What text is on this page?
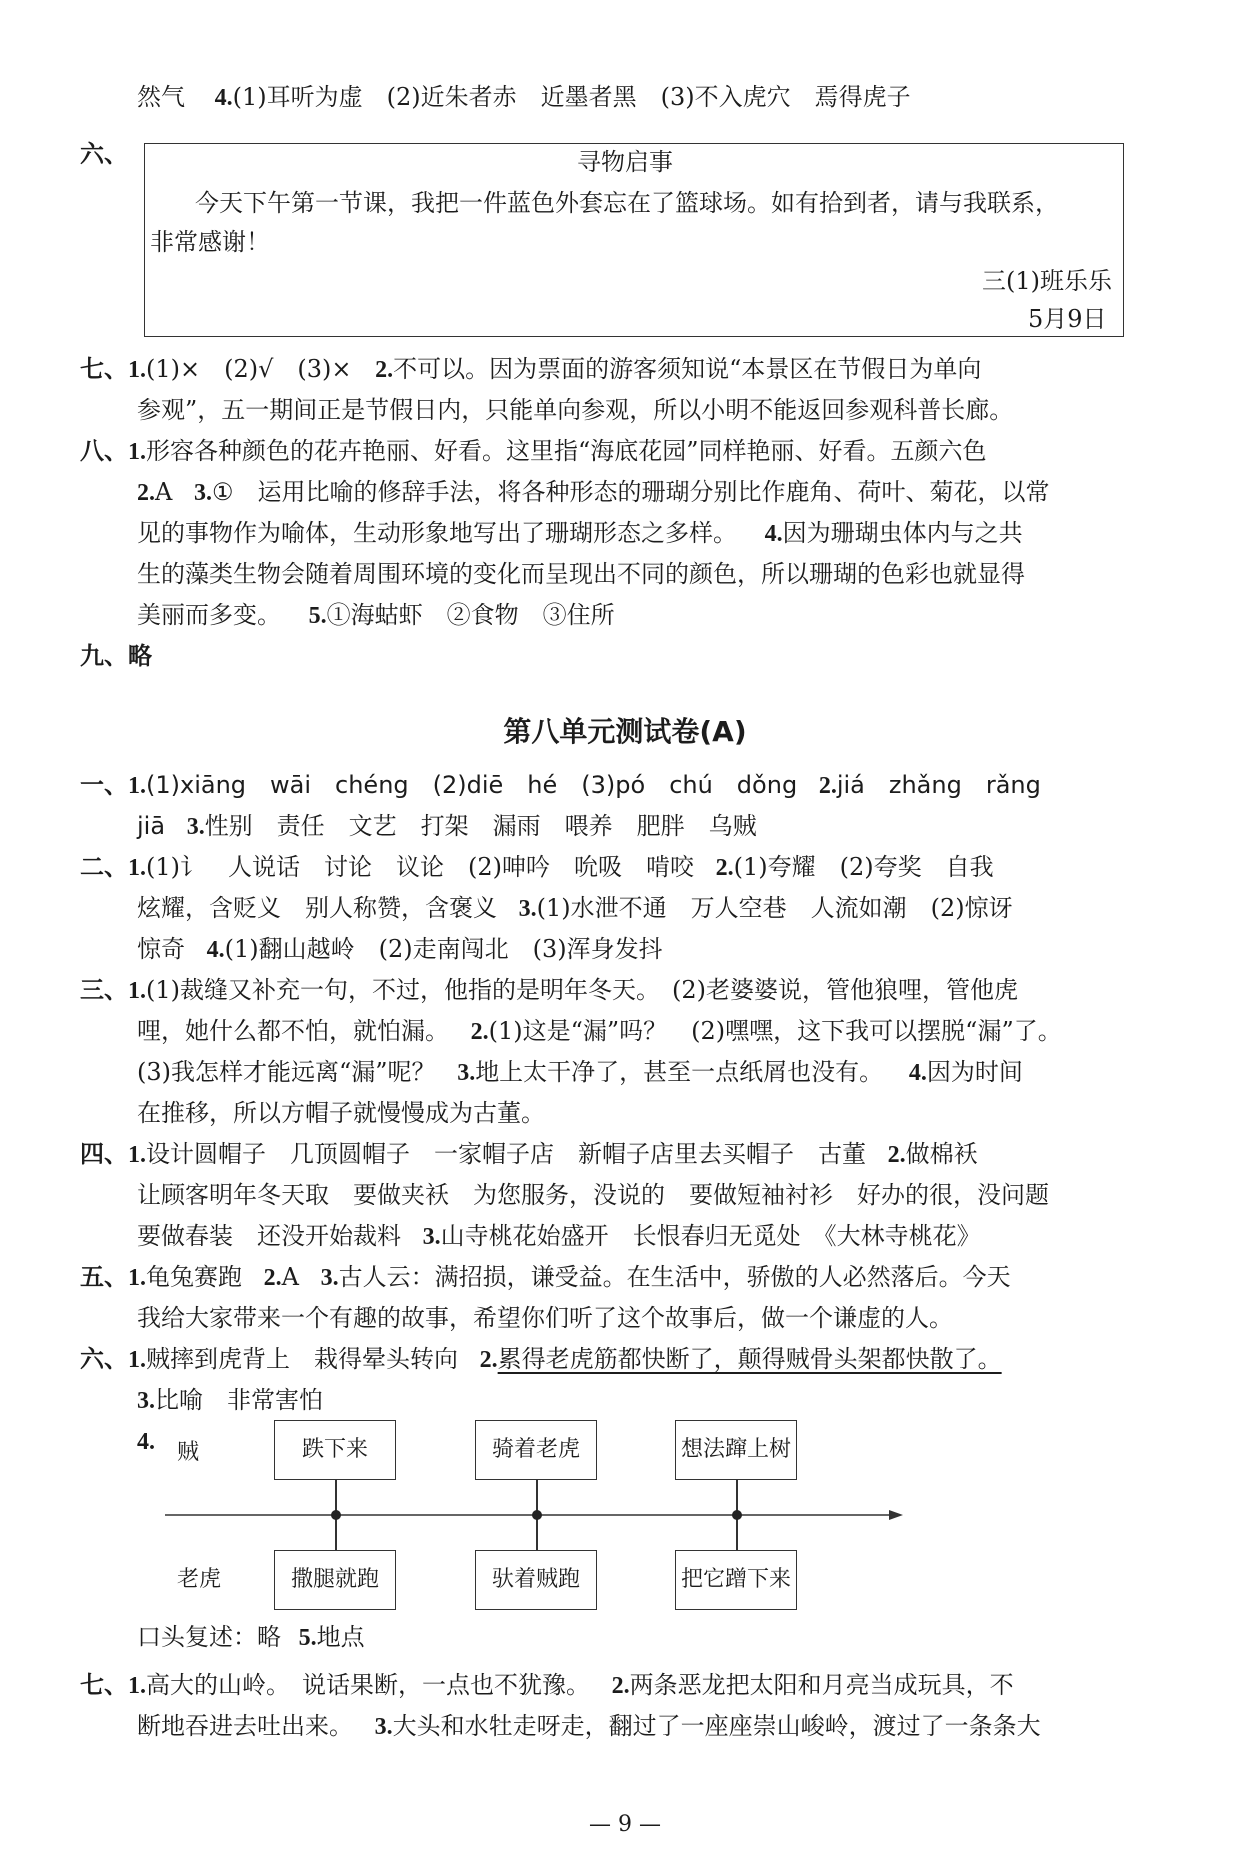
然气 4.(1)耳听为虚　(2)近朱者赤　近墨者黑　(3)不入虎穴　焉得虎子
六、	寻物启事
今天下午第一节课，我把一件蓝色外套忘在了篮球场。如有拾到者，请与我联系，
非常感谢！
三(1)班乐乐
5月9日
七、1.(1)×　(2)√　(3)× 2.不可以。因为票面的游客须知说“本景区在节假日为单向
参观”，五一期间正是节假日内，只能单向参观，所以小明不能返回参观科普长廊。
八、1.形容各种颜色的花卉艳丽、好看。这里指“海底花园”同样艳丽、好看。五颜六色
2.A 3.①　运用比喻的修辞手法，将各种形态的珊瑚分别比作鹿角、荷叶、菊花，以常
见的事物作为喻体，生动形象地写出了珊瑚形态之多样。 4.因为珊瑚虫体内与之共
生的藻类生物会随着周围环境的变化而呈现出不同的颜色，所以珊瑚的色彩也就显得
美丽而多变。 5.①海蛄虾　②食物　③住所
九、略
第八单元测试卷(A)
一、1.(1)xiāng　wāi　chéng　(2)diē　hé　(3)pó　chú　dǒng 2.jiá　zhǎng　rǎng
jiā 3.性别　责任　文艺　打架　漏雨　喂养　肥胖　乌贼
二、1.(1)讠　人说话　讨论　议论　(2)呻吟　吮吸　啃咬 2.(1)夸耀　(2)夸奖　自我
炫耀，含贬义　别人称赞，含褒义 3.(1)水泄不通　万人空巷　人流如潮　(2)惊讶
惊奇 4.(1)翻山越岭　(2)走南闯北　(3)浑身发抖
三、1.(1)裁缝又补充一句，不过，他指的是明年冬天。　(2)老婆婆说，管他狼哩，管他虎
哩，她什么都不怕，就怕漏。 2.(1)这是“漏”吗？　(2)嘿嘿，这下我可以摆脱“漏”了。
(3)我怎样才能远离“漏”呢？ 3.地上太干净了，甚至一点纸屑也没有。 4.因为时间
在推移，所以方帽子就慢慢成为古董。
四、1.设计圆帽子　几顶圆帽子　一家帽子店　新帽子店里去买帽子　古董 2.做棉袄
让顾客明年冬天取　要做夹袄　为您服务，没说的　要做短袖衬衫　好办的很，没问题
要做春装　还没开始裁料 3.山寺桃花始盛开　长恨春归无觅处　《大林寺桃花》
五、1.龟兔赛跑 2.A 3.古人云：满招损，谦受益。在生活中，骄傲的人必然落后。今天
我给大家带来一个有趣的故事，希望你们听了这个故事后，做一个谦虚的人。
六、1.贼摔到虎背上　栽得晕头转向 2.累得老虎筋都快断了，颠得贼骨头架都快散了。
3.比喻　非常害怕
4. 贼
老虎
跌下来	骑着老虎	想法蹿上树
撒腿就跑	驮着贼跑	把它蹭下来
口头复述：略 5.地点
七、1.高大的山岭。　说话果断，一点也不犹豫。 2.两条恶龙把太阳和月亮当成玩具，不
断地吞进去吐出来。 3.大头和水牡走呀走，翻过了一座座崇山峻岭，渡过了一条条大
— 9 —
